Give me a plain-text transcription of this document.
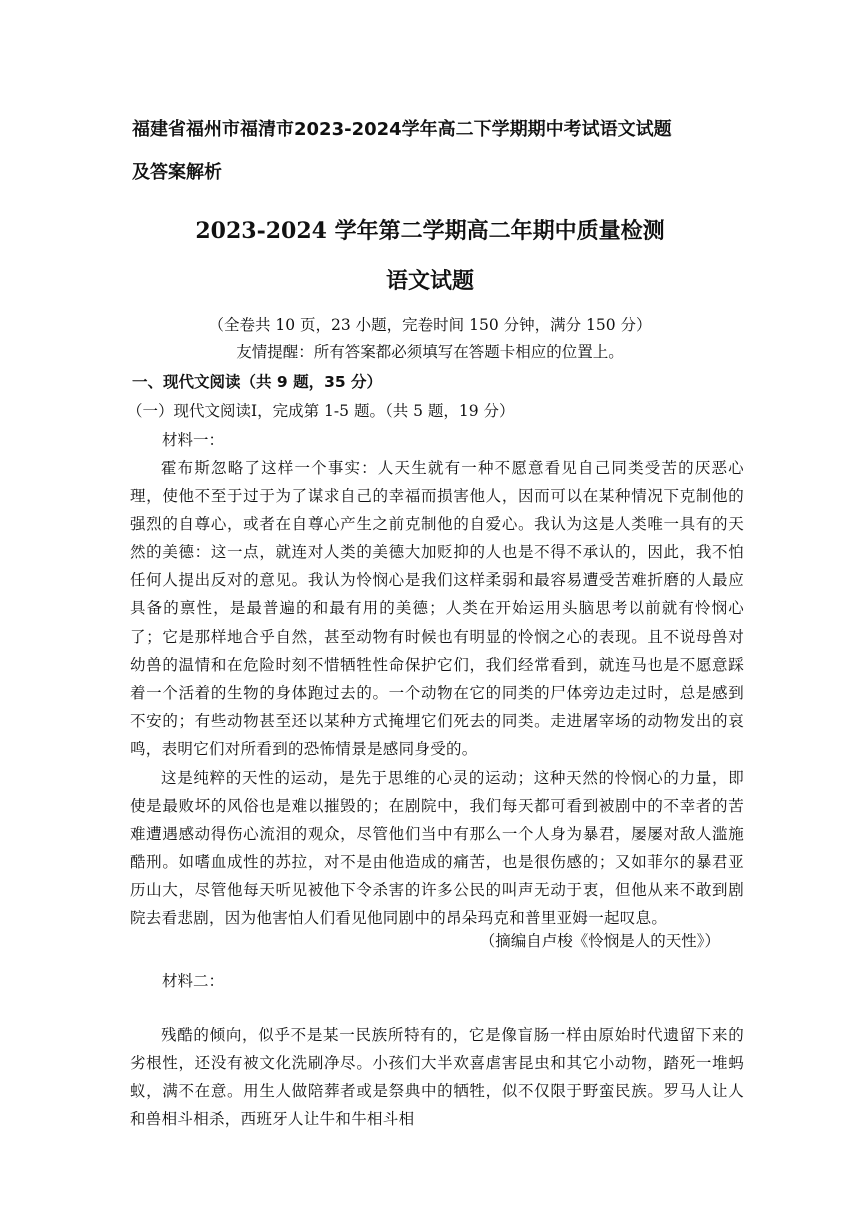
福建省福州市福清市2023-2024学年高二下学期期中考试语文试题
及答案解析
2023-2024 学年第二学期高二年期中质量检测
语文试题
（全卷共 10 页，23 小题，完卷时间 150 分钟，满分 150 分）
友情提醒：所有答案都必须填写在答题卡相应的位置上。
一、现代文阅读（共 9 题，35 分）
（一）现代文阅读Ⅰ，完成第 1-5 题。（共 5 题，19 分）
材料一：

霍布斯忽略了这样一个事实：人天生就有一种不愿意看见自己同类受苦的厌恶心理，使他不至于过于为了谋求自己的幸福而损害他人，因而可以在某种情况下克制他的强烈的自尊心，或者在自尊心产生之前克制他的自爱心。我认为这是人类唯一具有的天然的美德：这一点，就连对人类的美德大加贬抑的人也是不得不承认的，因此，我不怕任何人提出反对的意见。我认为怜悯心是我们这样柔弱和最容易遭受苦难折磨的人最应具备的禀性，是最普遍的和最有用的美德；人类在开始运用头脑思考以前就有怜悯心了；它是那样地合乎自然，甚至动物有时候也有明显的怜悯之心的表现。且不说母兽对幼兽的温情和在危险时刻不惜牺牲性命保护它们，我们经常看到，就连马也是不愿意踩着一个活着的生物的身体跑过去的。一个动物在它的同类的尸体旁边走过时，总是感到不安的；有些动物甚至还以某种方式掩埋它们死去的同类。走进屠宰场的动物发出的哀鸣，表明它们对所看到的恐怖情景是感同身受的。

这是纯粹的天性的运动，是先于思维的心灵的运动；这种天然的怜悯心的力量，即使是最败坏的风俗也是难以摧毁的；在剧院中，我们每天都可看到被剧中的不幸者的苦难遭遇感动得伤心流泪的观众，尽管他们当中有那么一个人身为暴君，屡屡对敌人滥施酷刑。如嗜血成性的苏拉，对不是由他造成的痛苦，也是很伤感的；又如菲尔的暴君亚历山大，尽管他每天听见被他下令杀害的许多公民的叫声无动于衷，但他从来不敢到剧院去看悲剧，因为他害怕人们看见他同剧中的昂朵玛克和普里亚姆一起叹息。

（摘编自卢梭《怜悯是人的天性》）
材料二：

残酷的倾向，似乎不是某一民族所特有的，它是像盲肠一样由原始时代遗留下来的劣根性，还没有被文化洗刷净尽。小孩们大半欢喜虐害昆虫和其它小动物，踏死一堆蚂蚁，满不在意。用生人做陪葬者或是祭典中的牺牲，似不仅限于野蛮民族。罗马人让人和兽相斗相杀，西班牙人让牛和牛相斗相
